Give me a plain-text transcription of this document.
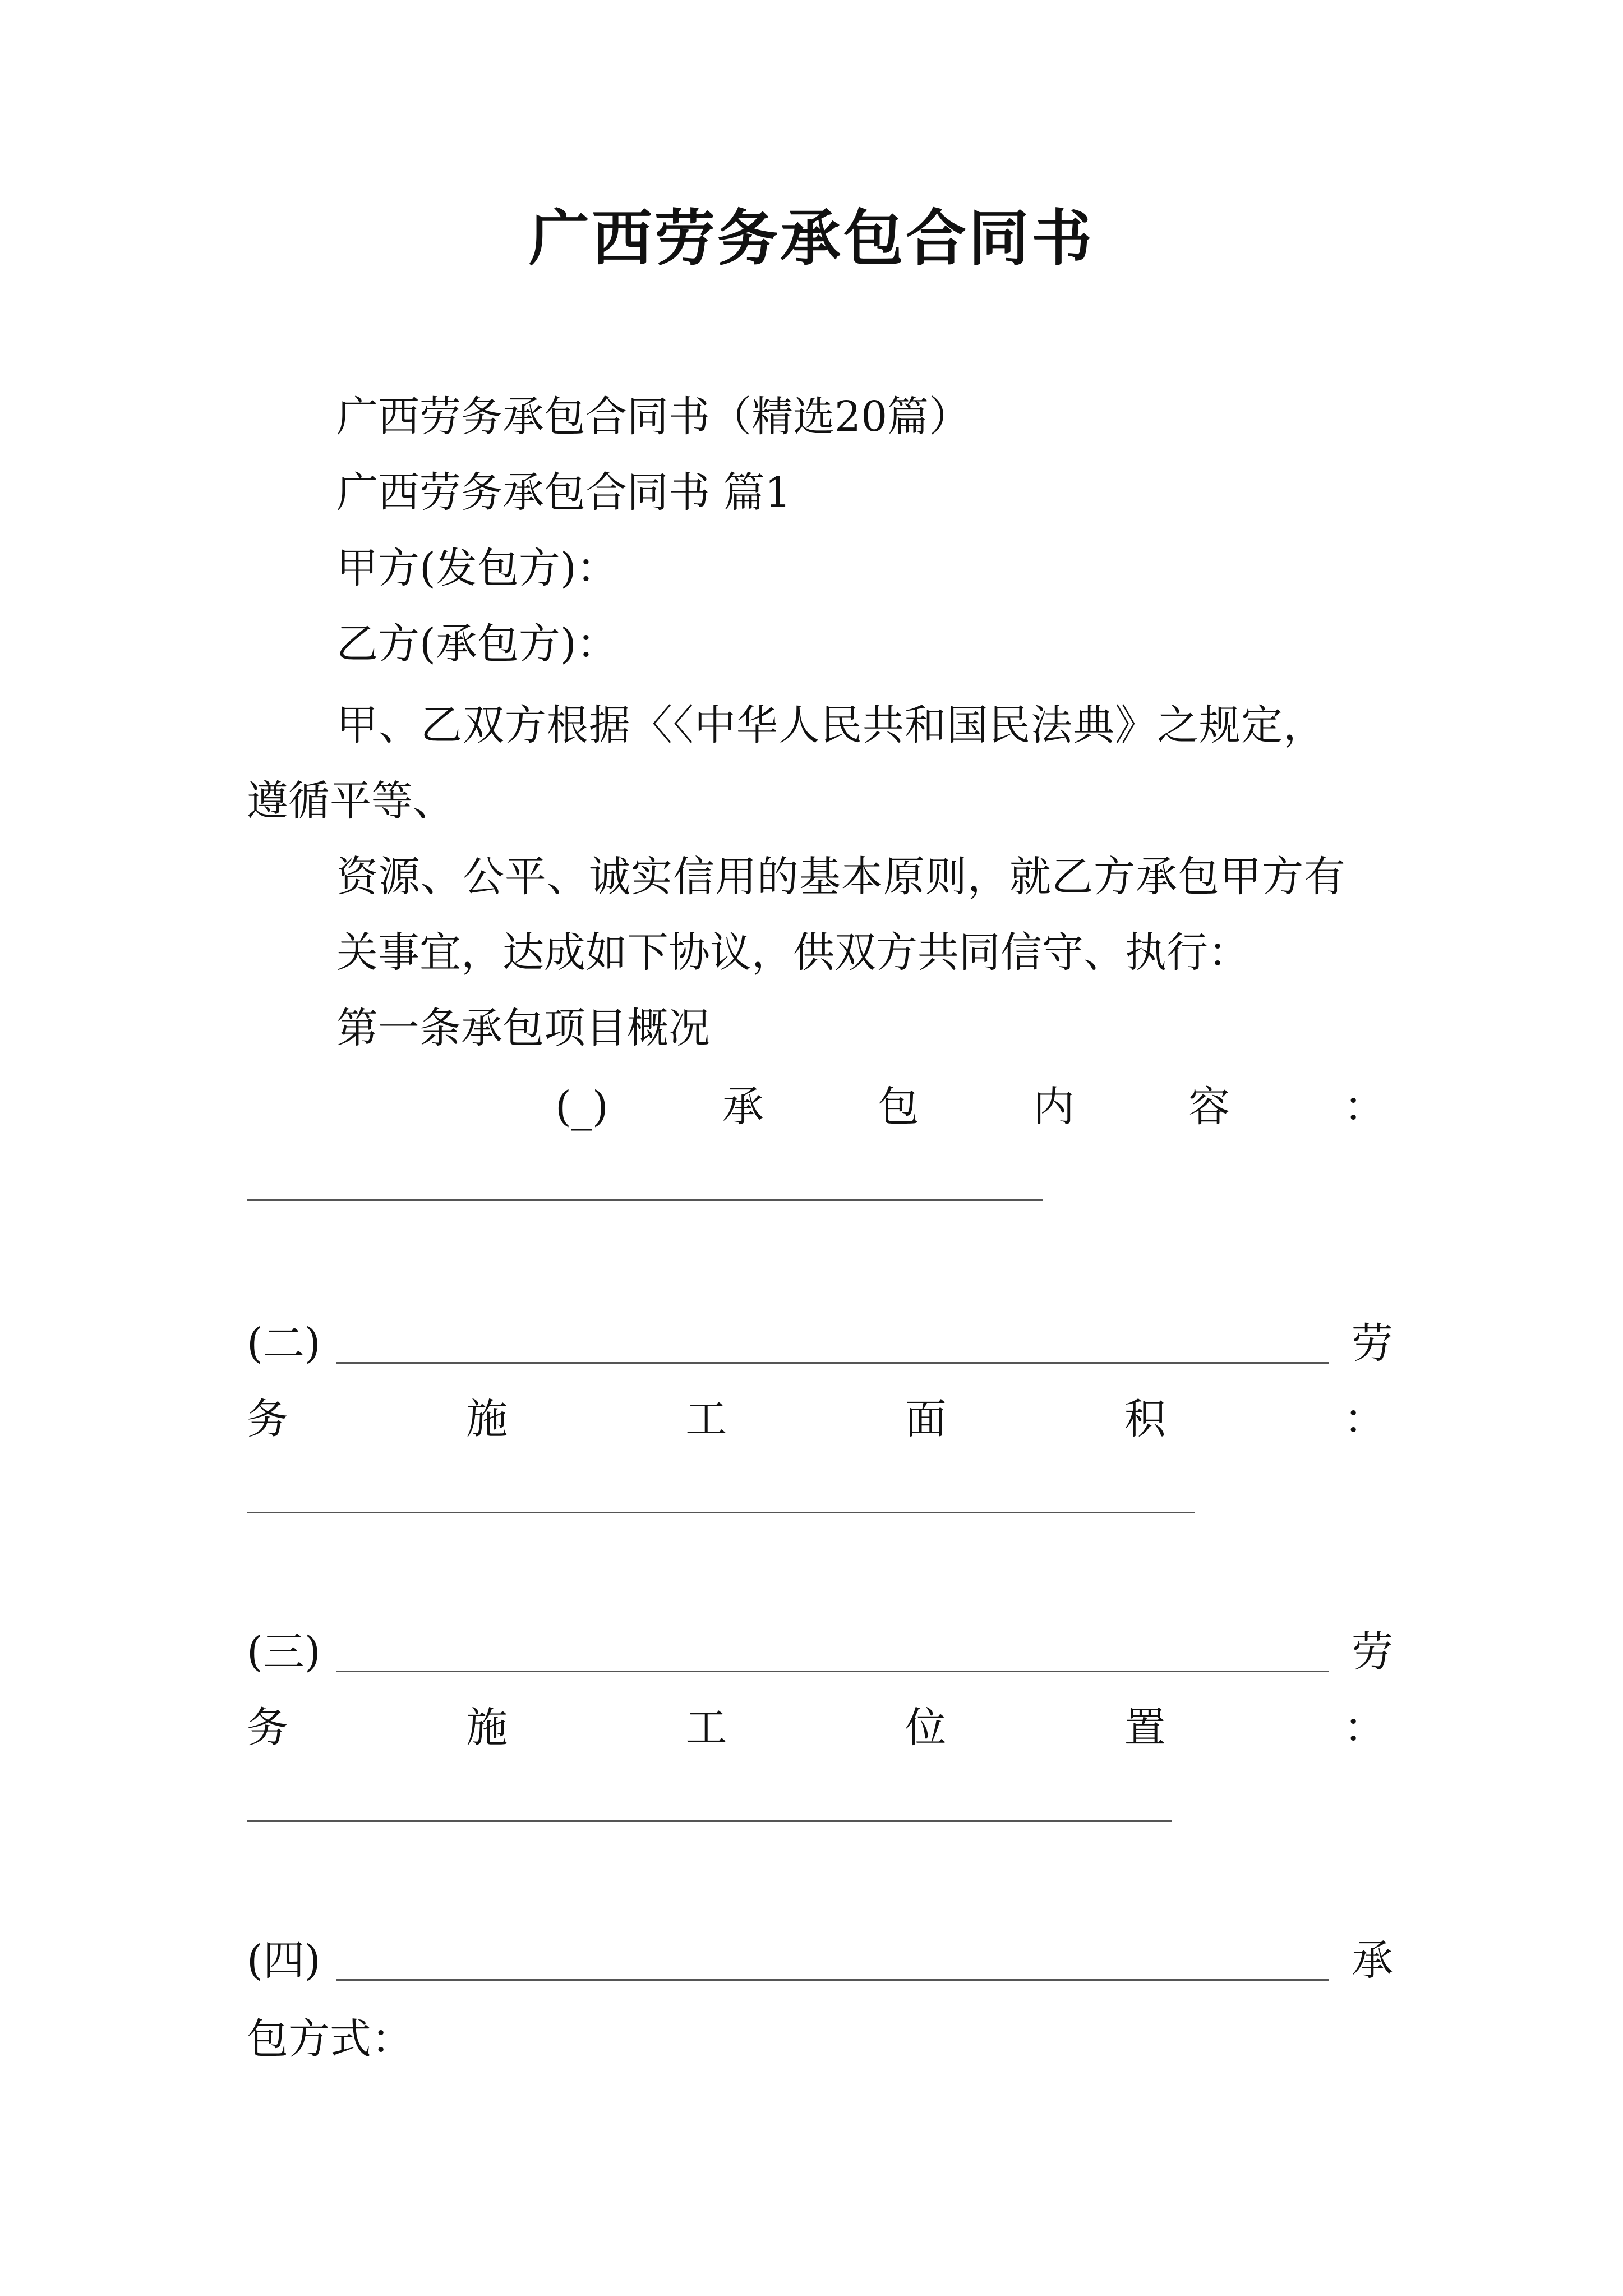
广西劳务承包合同书
广西劳务承包合同书（精选20篇）
广西劳务承包合同书 篇1
甲方(发包方)：
乙方(承包方)：
甲、乙双方根据〈〈中华人民共和国民法典》之规定，
遵循平等、
资源、公平、诚实信用的基本原则，就乙方承包甲方有
关事宜，达成如下协议，供双方共同信守、执行：
第一条承包项目概况
(_)	承	包	内	容	：
(二)	劳
务	施	工	面	积	：
(三)	劳
务	施	工	位	置	：
(四)	承
包方式：
